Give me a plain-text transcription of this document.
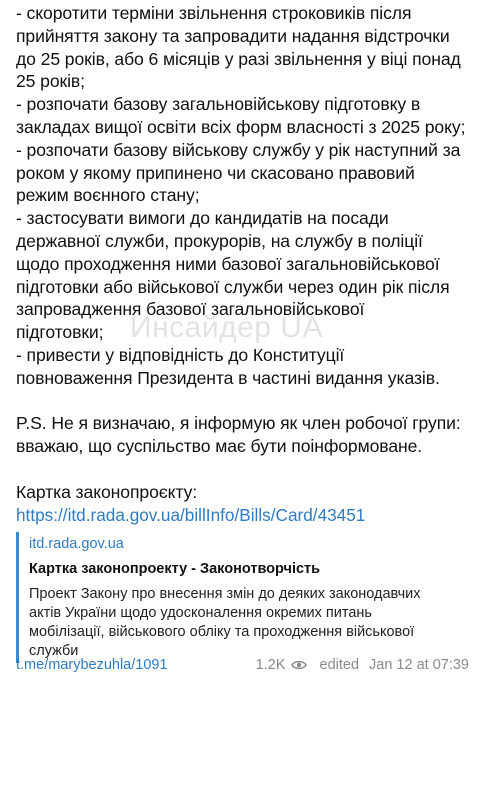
- скоротити терміни звільнення строковиків після
прийняття закону та запровадити надання відстрочки
до 25 років, або 6 місяців у разі звільнення у віці понад
25 років;
- розпочати базову загальновійськову підготовку в
закладах вищої освіти всіх форм власності з 2025 року;
- розпочати базову військову службу у рік наступний за
роком у якому припинено чи скасовано правовий
режим воєнного стану;
- застосувати вимоги до кандидатів на посади
державної служби, прокурорів, на службу в поліції
щодо проходження ними базової загальновійськової
підготовки або військової служби через один рік після
запровадження базової загальновійськової
підготовки;
- привести у відповідність до Конституції
повноваження Президента в частині видання указів.
P.S. Не я визначаю, я інформую як член робочої групи:
вважаю, що суспільство має бути поінформоване.
Картка законопроєкту:
https://itd.rada.gov.ua/billInfo/Bills/Card/43451
itd.rada.gov.ua
Картка законопроекту - Законотворчість
Проект Закону про внесення змін до деяких законодавчих
актів України щодо удосконалення окремих питань
мобілізації, військового обліку та проходження військової
служби
Инсайдер UA
t.me/marybezuhla/1091	1.2K edited Jan 12 at 07:39
